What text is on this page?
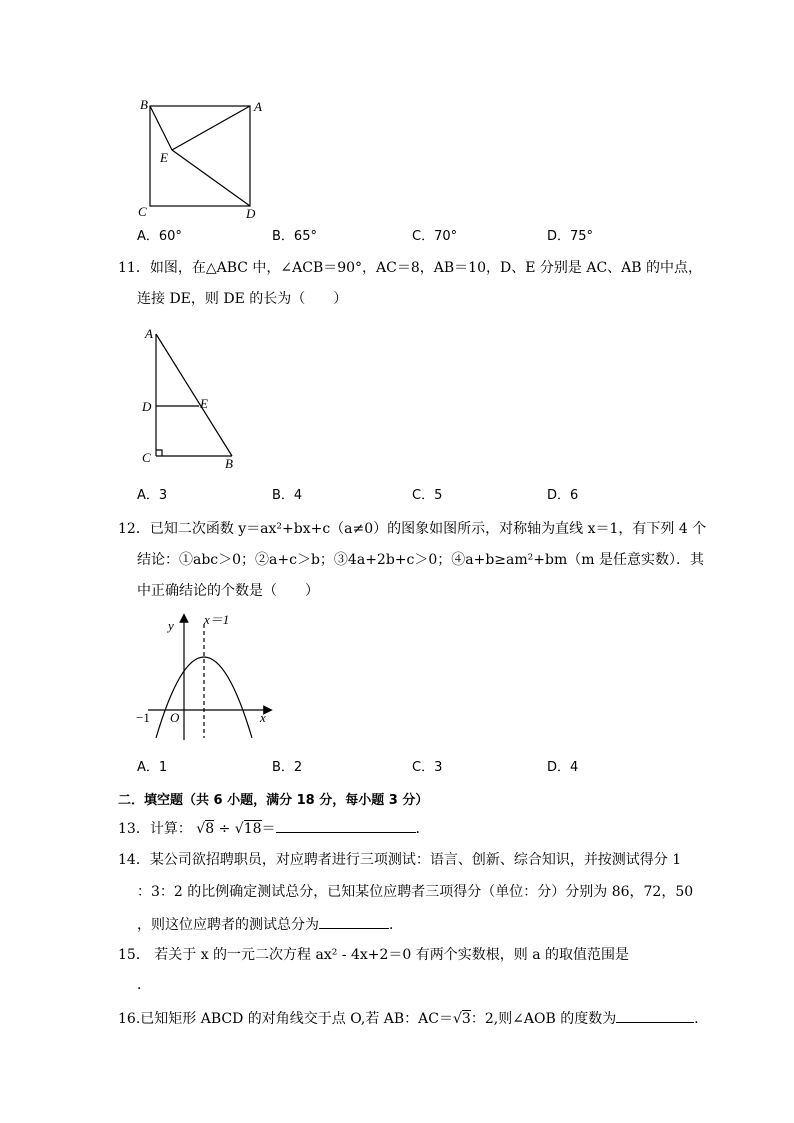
B	A
E
C	D
A．60°	B．65°	C．70°	D．75°
11．如图，在△ABC 中，∠ACB＝90°，AC＝8，AB＝10，D、E 分别是 AC、AB 的中点，
连接 DE，则 DE 的长为（　　）
A
D	E
C	B
A．3	B．4	C．5	D．6
12．已知二次函数 y＝ax²+bx+c（a≠0）的图象如图所示，对称轴为直线 x＝1，有下列 4 个
结论：①abc＞0；②a+c＞b；③4a+2b+c＞0；④a+b≥am²+bm（m 是任意实数）．其
中正确结论的个数是（　　）
y x＝1
−1 O	x
A．1	B．2	C．3	D．4
二．填空题（共 6 小题，满分 18 分，每小题 3 分）
13．计算： √8 ÷ √18＝	．
14．某公司欲招聘职员，对应聘者进行三项测试：语言、创新、综合知识，并按测试得分 1
：3：2 的比例确定测试总分，已知某位应聘者三项得分（单位：分）分别为 86，72，50
，则这位应聘者的测试总分为	．
15． 若关于 x 的一元二次方程 ax² - 4x+2＝0 有两个实数根，则 a 的取值范围是
．
16.已知矩形 ABCD 的对角线交于点 O,若 AB：AC＝√3：2,则∠AOB 的度数为	．
